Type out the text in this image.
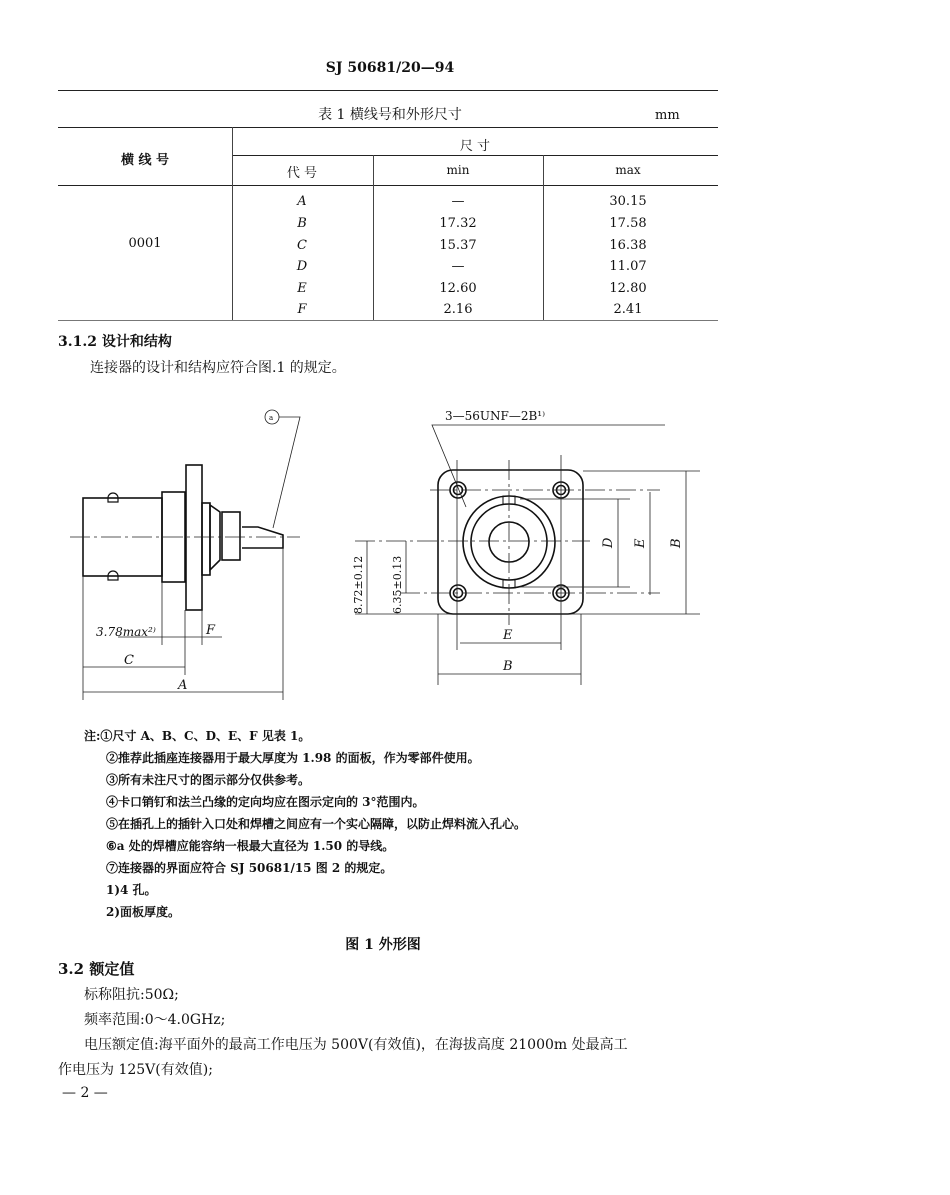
SJ 50681/20—94
表 1 横线号和外形尺寸	mm
横 线 号
尺 寸
代 号	min	max
0001
A	—	30.15
B	17.32	17.58
C	15.37	16.38
D	—	11.07
E	12.60	12.80
F	2.16	2.41
3.1.2 设计和结构
连接器的设计和结构应符合图.1 的规定。
3.78max²⁾	F
C
A
a	3—56UNF—2B¹⁾
E
B
D E B
8.72±0.12 6.35±0.13
注:①尺寸 A、B、C、D、E、F 见表 1。
②推荐此插座连接器用于最大厚度为 1.98 的面板，作为零部件使用。
③所有未注尺寸的图示部分仅供参考。
④卡口销钉和法兰凸缘的定向均应在图示定向的 3°范围内。
⑤在插孔上的插针入口处和焊槽之间应有一个实心隔障，以防止焊料流入孔心。
⑥a 处的焊槽应能容纳一根最大直径为 1.50 的导线。
⑦连接器的界面应符合 SJ 50681/15 图 2 的规定。
1)4 孔。
2)面板厚度。
图 1 外形图
3.2 额定值
标称阻抗:50Ω;
频率范围:0～4.0GHz;
电压额定值:海平面外的最高工作电压为 500V(有效值)，在海拔高度 21000m 处最高工
作电压为 125V(有效值);
— 2 —
